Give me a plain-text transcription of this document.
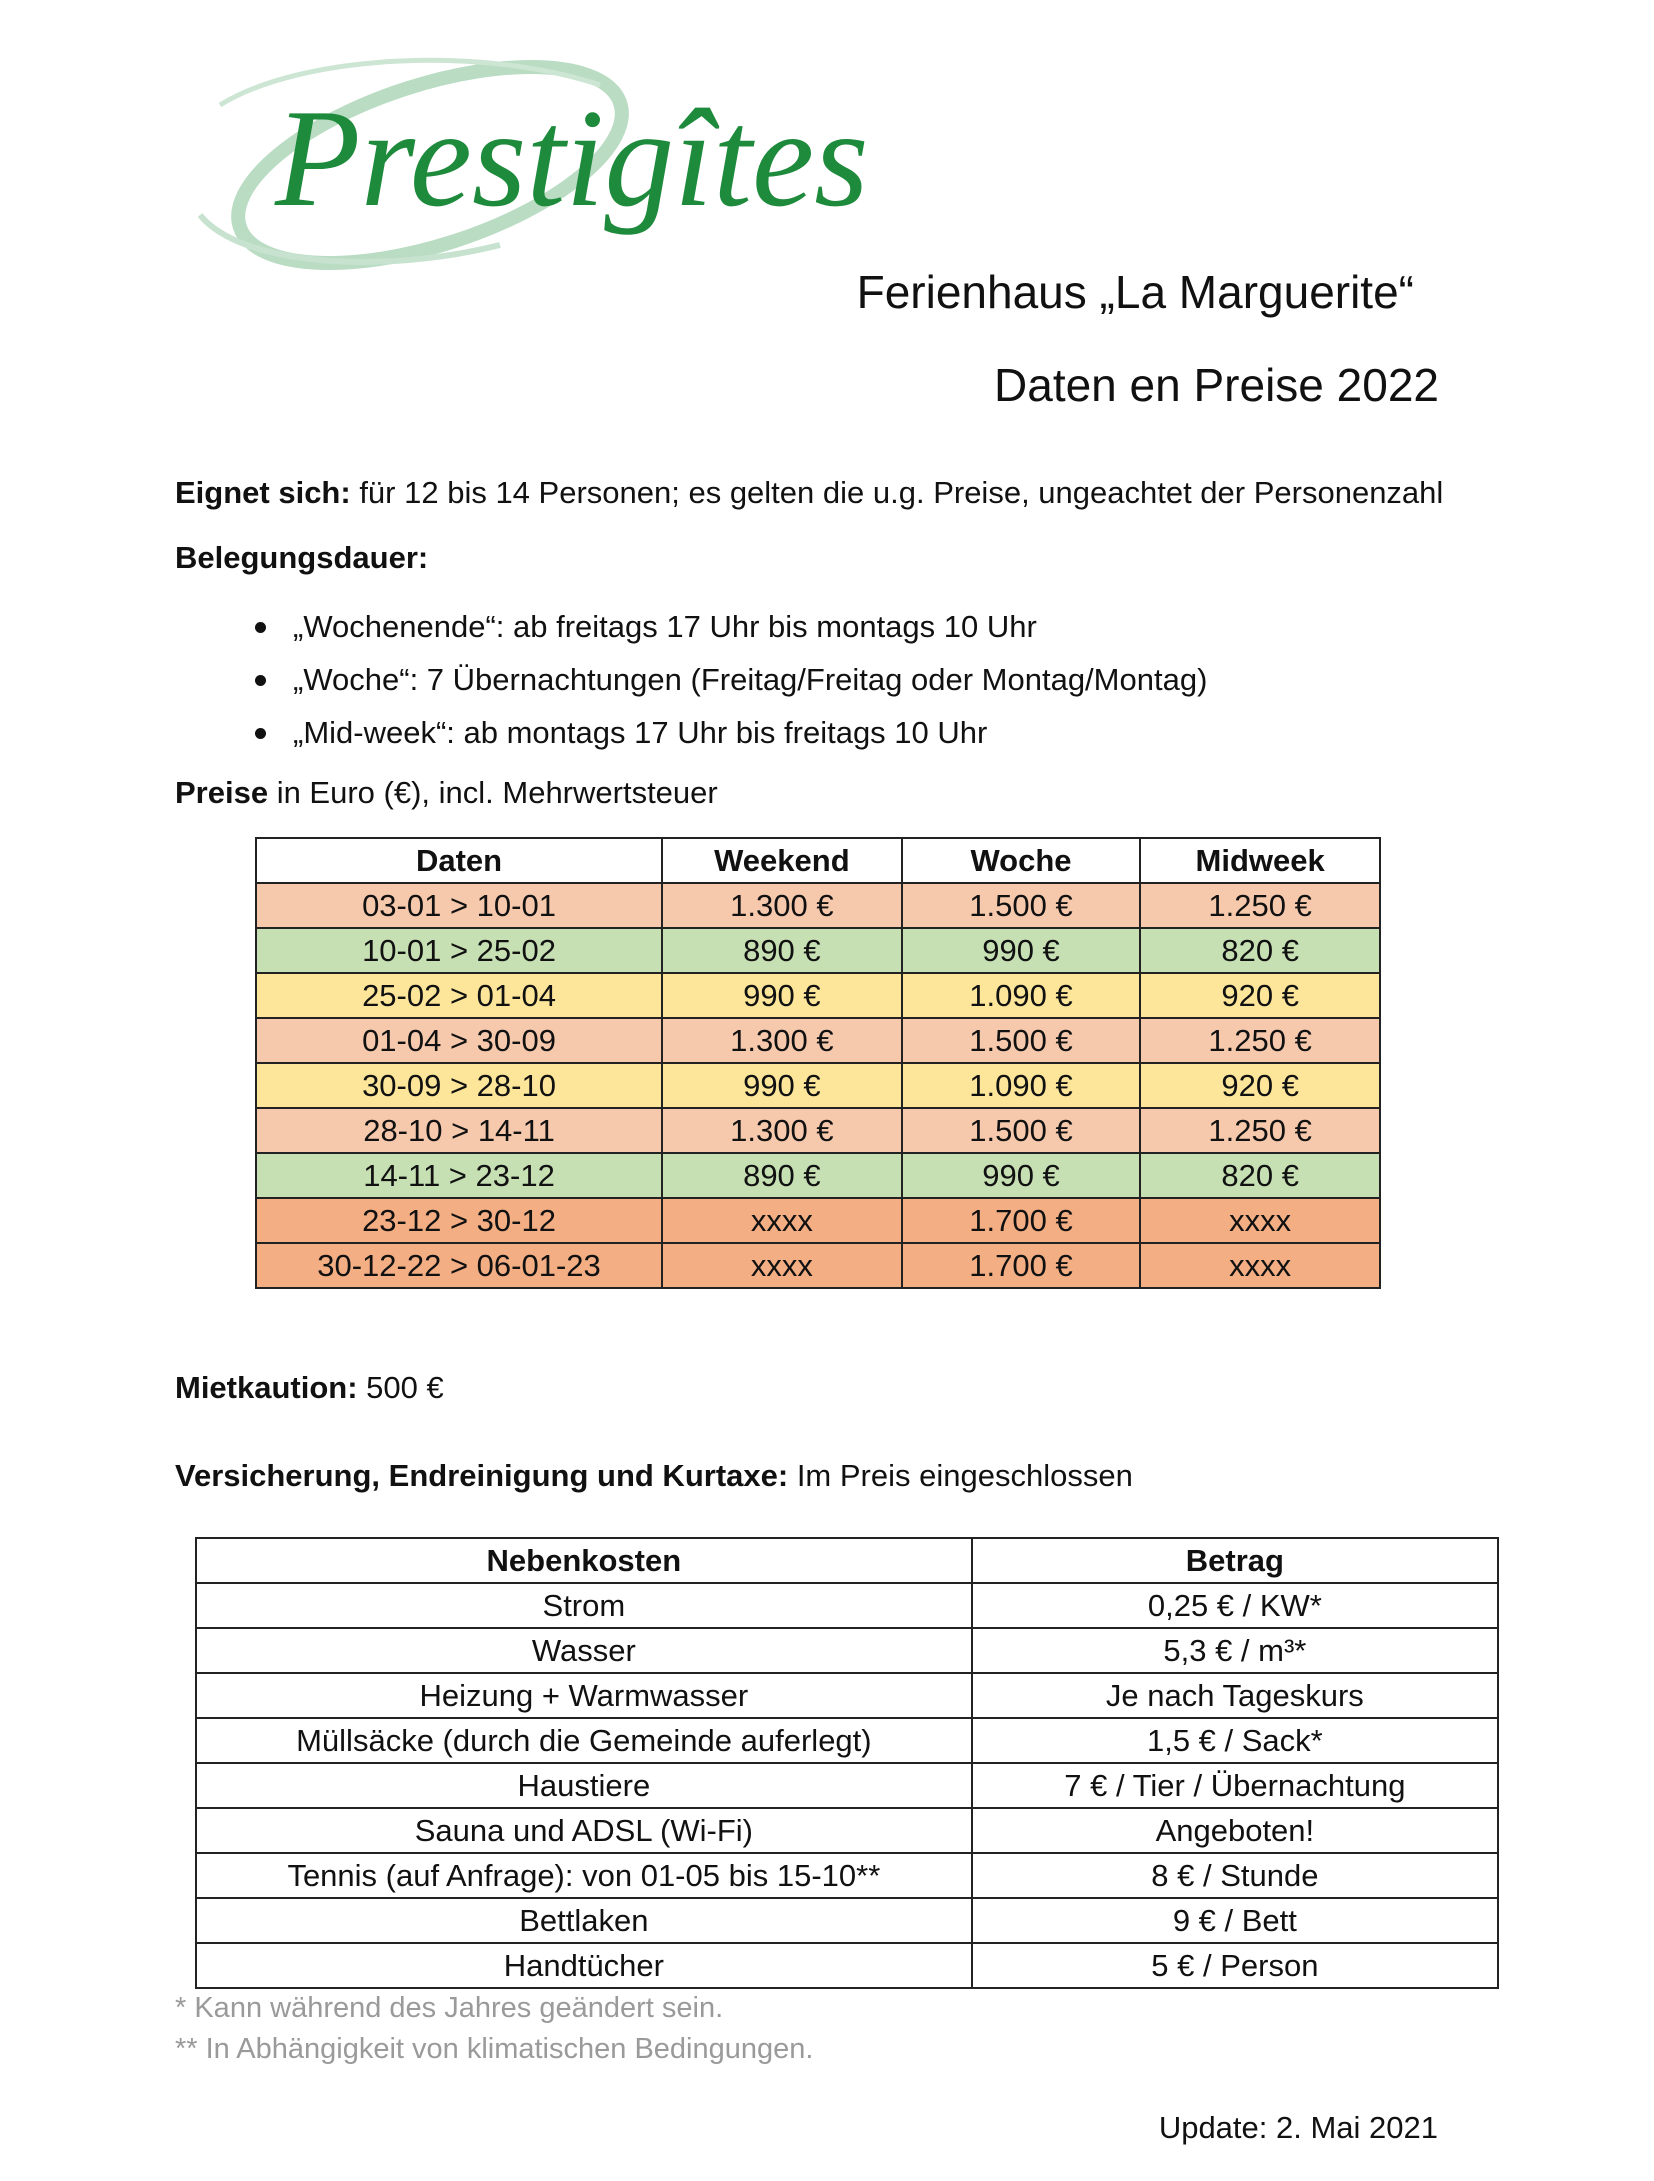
Prestigîtes
Ferienhaus „La Marguerite“
Daten en Preise 2022
Eignet sich: für 12 bis 14 Personen; es gelten die u.g. Preise, ungeachtet der Personenzahl
Belegungsdauer:
„Wochenende“: ab freitags 17 Uhr bis montags 10 Uhr
„Woche“: 7 Übernachtungen (Freitag/Freitag oder Montag/Montag)
„Mid-week“: ab montags 17 Uhr bis freitags 10 Uhr
Preise in Euro (€), incl. Mehrwertsteuer
Daten	Weekend	Woche	Midweek
03-01 > 10-01	1.300 €	1.500 €	1.250 €
10-01 > 25-02	890 €	990 €	820 €
25-02 > 01-04	990 €	1.090 €	920 €
01-04 > 30-09	1.300 €	1.500 €	1.250 €
30-09 > 28-10	990 €	1.090 €	920 €
28-10 > 14-11	1.300 €	1.500 €	1.250 €
14-11 > 23-12	890 €	990 €	820 €
23-12 > 30-12	xxxx	1.700 €	xxxx
30-12-22 > 06-01-23	xxxx	1.700 €	xxxx
Mietkaution: 500 €
Versicherung, Endreinigung und Kurtaxe: Im Preis eingeschlossen
Nebenkosten	Betrag
Strom	0,25 € / KW*
Wasser	5,3 € / m³*
Heizung + Warmwasser	Je nach Tageskurs
Müllsäcke (durch die Gemeinde auferlegt)	1,5 € / Sack*
Haustiere	7 € / Tier / Übernachtung
Sauna und ADSL (Wi-Fi)	Angeboten!
Tennis (auf Anfrage): von 01-05 bis 15-10**	8 € / Stunde
Bettlaken	9 € / Bett
Handtücher	5 € / Person
* Kann während des Jahres geändert sein.
** In Abhängigkeit von klimatischen Bedingungen.
Update: 2. Mai 2021
